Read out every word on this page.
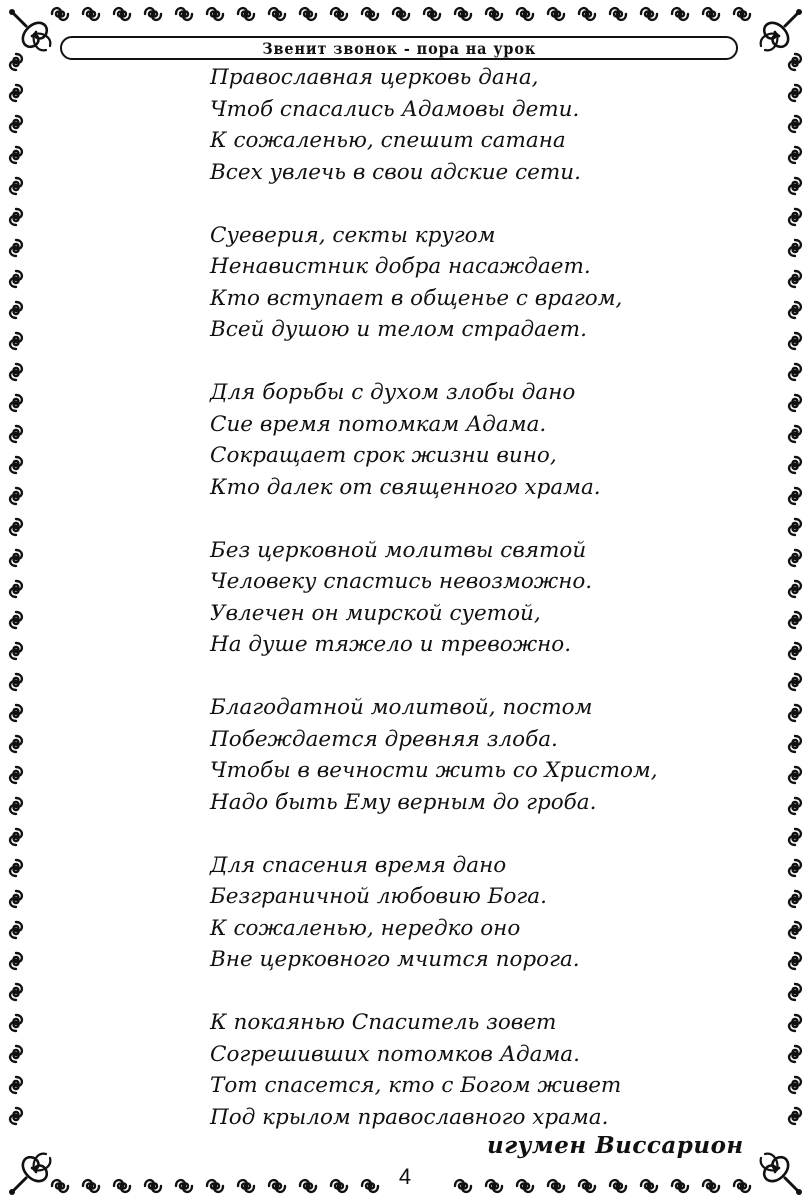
Звенит звонок - пора на урок
Православная церковь дана,
Чтоб спасались Адамовы дети.
К сожаленью, спешит сатана
Всех увлечь в свои адские сети.
Суеверия, секты кругом
Ненавистник добра насаждает.
Кто вступает в общенье с врагом,
Всей душою и телом страдает.
Для борьбы с духом злобы дано
Сие время потомкам Адама.
Сокращает срок жизни вино,
Кто далек от священного храма.
Без церковной молитвы святой
Человеку спастись невозможно.
Увлечен он мирской суетой,
На душе тяжело и тревожно.
Благодатной молитвой, постом
Побеждается древняя злоба.
Чтобы в вечности жить со Христом,
Надо быть Ему верным до гроба.
Для спасения время дано
Безграничной любовию Бога.
К сожаленью, нередко оно
Вне церковного мчится порога.
К покаянью Спаситель зовет
Согрешивших потомков Адама.
Тот спасется, кто с Богом живет
Под крылом православного храма.
игумен Виссарион
4
